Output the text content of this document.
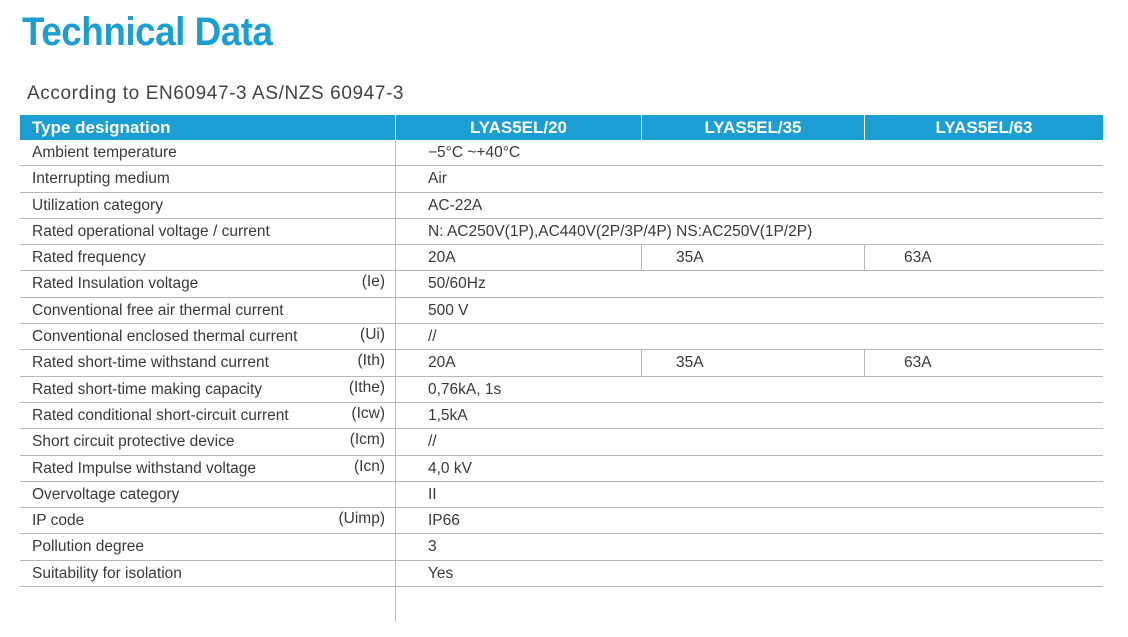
Technical Data
According to EN60947-3 AS/NZS 60947-3
Type designation	LYAS5EL/20	LYAS5EL/35	LYAS5EL/63
Ambient temperature	−5°C ~+40°C
Interrupting medium	Air
Utilization category	AC-22A
Rated operational voltage / current	N: AC250V(1P),AC440V(2P/3P/4P) NS:AC250V(1P/2P)
Rated frequency	20A	35A	63A
Rated Insulation voltage	(Ie)	50/60Hz
Conventional free air thermal current	500 V
Conventional enclosed thermal current	(Ui)	//
Rated short-time withstand current	(Ith)	20A	35A	63A
Rated short-time making capacity	(Ithe)	0,76kA, 1s
Rated conditional short-circuit current	(Icw)	1,5kA
Short circuit protective device	(Icm)	//
Rated Impulse withstand voltage	(Icn)	4,0 kV
Overvoltage category	II
IP code	(Uimp)	IP66
Pollution degree	3
Suitability for isolation	Yes
